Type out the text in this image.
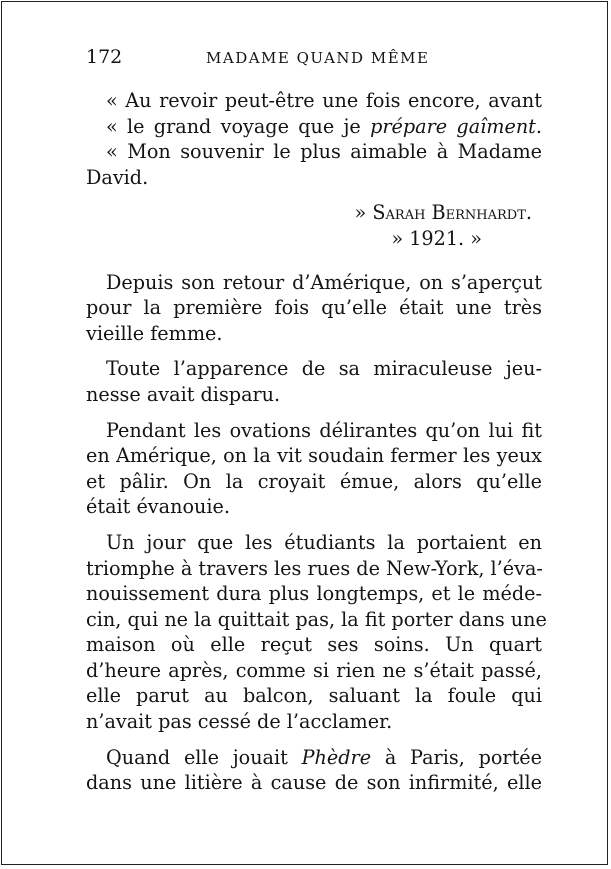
172	MADAME QUAND MÊME
« Au revoir peut-être une fois encore, avant
« le grand voyage que je prépare gaîment.
« Mon souvenir le plus aimable à Madame
David.
» Sarah Bernhardt.
» 1921. »
Depuis son retour d’Amérique, on s’aperçut
pour la première fois qu’elle était une très
vieille femme.
Toute l’apparence de sa miraculeuse jeu-
nesse avait disparu.
Pendant les ovations délirantes qu’on lui fit
en Amérique, on la vit soudain fermer les yeux
et pâlir. On la croyait émue, alors qu’elle
était évanouie.
Un jour que les étudiants la portaient en
triomphe à travers les rues de New-York, l’éva-
nouissement dura plus longtemps, et le méde-
cin, qui ne la quittait pas, la fit porter dans une
maison où elle reçut ses soins. Un quart
d’heure après, comme si rien ne s’était passé,
elle parut au balcon, saluant la foule qui
n’avait pas cessé de l’acclamer.
Quand elle jouait Phèdre à Paris, portée
dans une litière à cause de son infirmité, elle
